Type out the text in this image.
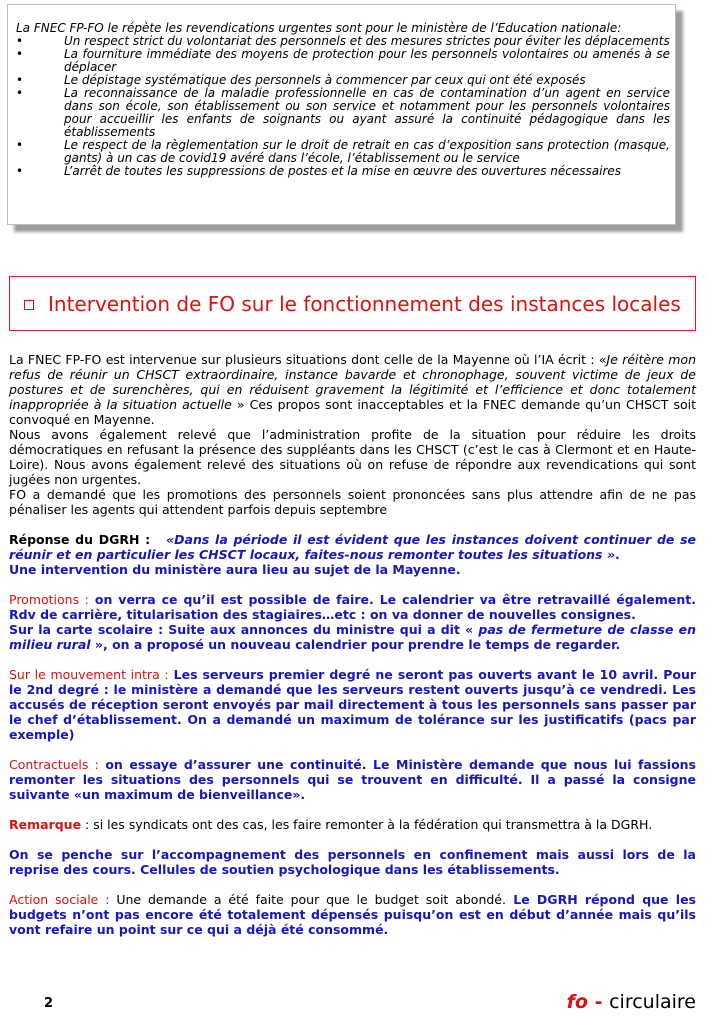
La FNEC FP-FO le répète les revendications urgentes sont pour le ministère de l’Education nationale:

•	Un respect strict du volontariat des personnels et des mesures strictes pour éviter les déplacements
•	La fourniture immédiate des moyens de protection pour les personnels volontaires ou amenés à se déplacer
•	Le dépistage systématique des personnels à commencer par ceux qui ont été exposés
•	La reconnaissance de la maladie professionnelle en cas de contamination d’un agent en service dans son école, son établissement ou son service et notamment pour les personnels volontaires pour accueillir les enfants de soignants ou ayant assuré la continuité pédagogique dans les établissements
•	Le respect de la règlementation sur le droit de retrait en cas d’exposition sans protection (masque, gants) à un cas de covid19 avéré dans l’école, l’établissement ou le service
•	L’arrêt de toutes les suppressions de postes et la mise en œuvre des ouvertures nécessaires
Intervention de FO sur le fonctionnement des instances locales

La FNEC FP-FO est intervenue sur plusieurs situations dont celle de la Mayenne où l’IA écrit : «Je réitère mon refus de réunir un CHSCT extraordinaire, instance bavarde et chronophage, souvent victime de jeux de postures et de surenchères, qui en réduisent gravement la légitimité et l’efficience et donc totalement inappropriée à la situation actuelle » Ces propos sont inacceptables et la FNEC demande qu’un CHSCT soit convoqué en Mayenne.

Nous avons également relevé que l’administration profite de la situation pour réduire les droits démocratiques en refusant la présence des suppléants dans les CHSCT (c’est le cas à Clermont et en Haute-Loire). Nous avons également relevé des situations où on refuse de répondre aux revendications qui sont jugées non urgentes.

FO a demandé que les promotions des personnels soient prononcées sans plus attendre afin de ne pas pénaliser les agents qui attendent parfois depuis septembre

Réponse du DGRH : «Dans la période il est évident que les instances doivent continuer de se réunir et en particulier les CHSCT locaux, faites-nous remonter toutes les situations ».
Une intervention du ministère aura lieu au sujet de la Mayenne.

Promotions : on verra ce qu’il est possible de faire. Le calendrier va être retravaillé également. Rdv de carrière, titularisation des stagiaires…etc : on va donner de nouvelles consignes.
Sur la carte scolaire : Suite aux annonces du ministre qui a dit « pas de fermeture de classe en milieu rural », on a proposé un nouveau calendrier pour prendre le temps de regarder.

Sur le mouvement intra : Les serveurs premier degré ne seront pas ouverts avant le 10 avril. Pour le 2nd degré : le ministère a demandé que les serveurs restent ouverts jusqu’à ce vendredi. Les accusés de réception seront envoyés par mail directement à tous les personnels sans passer par le chef d’établissement. On a demandé un maximum de tolérance sur les justificatifs (pacs par exemple)

Contractuels : on essaye d’assurer une continuité. Le Ministère demande que nous lui fassions remonter les situations des personnels qui se trouvent en difficulté. Il a passé la consigne suivante «un maximum de bienveillance».

Remarque : si les syndicats ont des cas, les faire remonter à la fédération qui transmettra à la DGRH.

On se penche sur l’accompagnement des personnels en confinement mais aussi lors de la reprise des cours. Cellules de soutien psychologique dans les établissements.

Action sociale : Une demande a été faite pour que le budget soit abondé. Le DGRH répond que les budgets n’ont pas encore été totalement dépensés puisqu’on est en début d’année mais qu’ils vont refaire un point sur ce qui a déjà été consommé.

2	fo - circulaire
